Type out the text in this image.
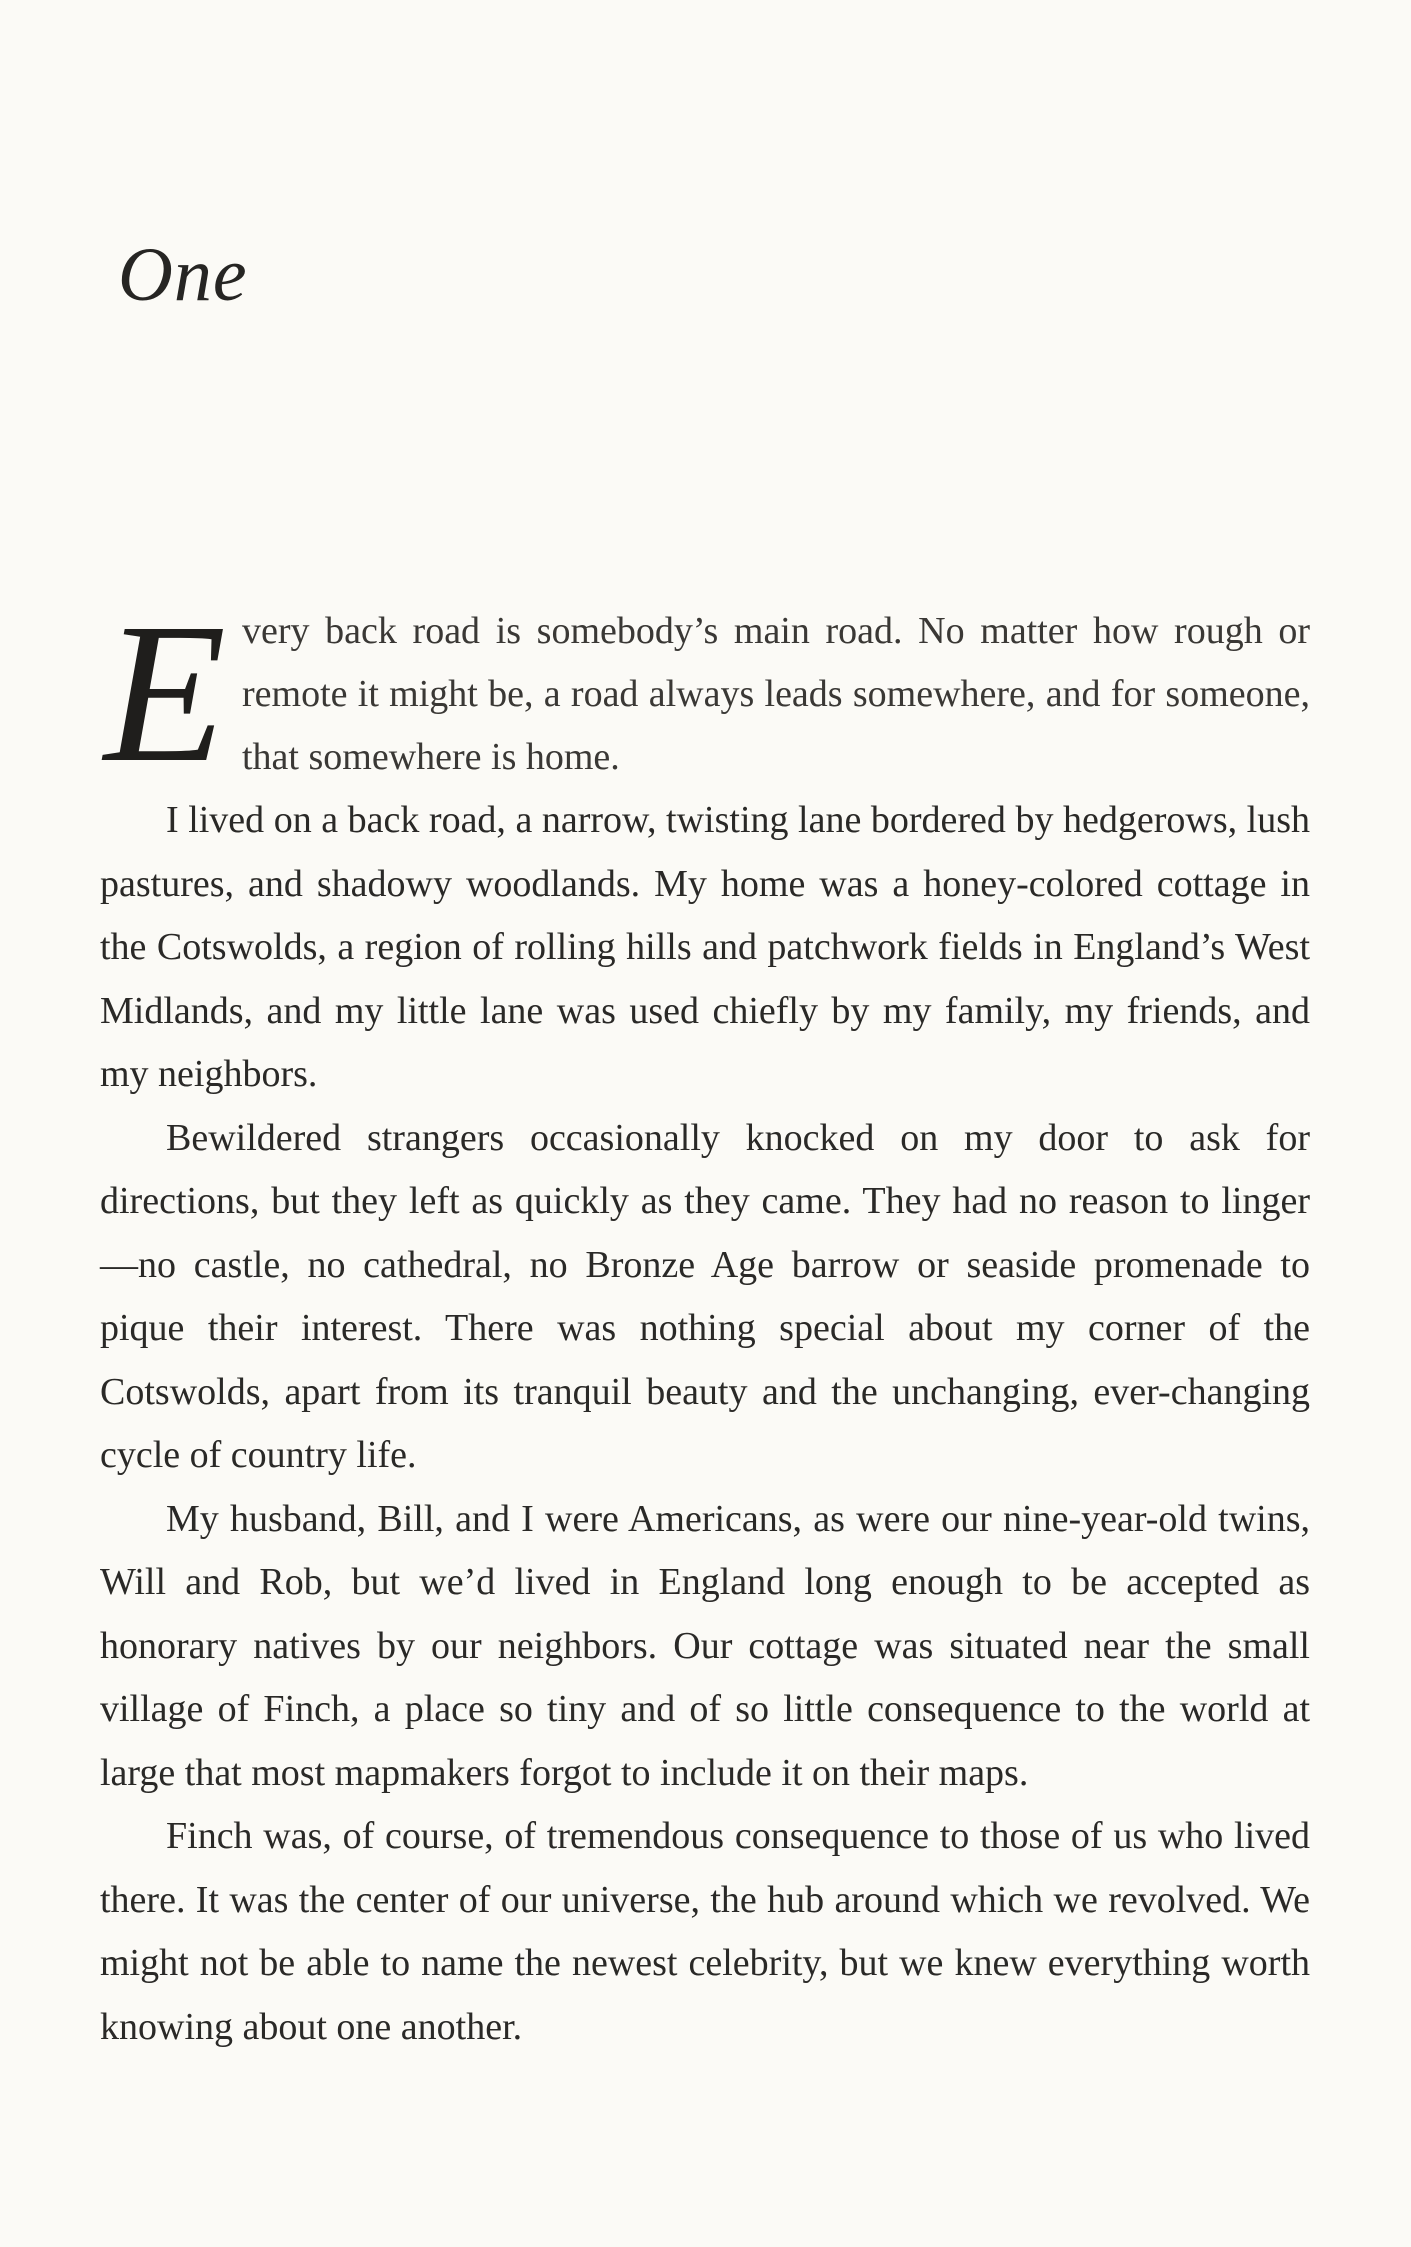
One

E very back road is somebody’s main road. No matter how rough or remote it might be, a road always leads somewhere, and for someone, that somewhere is home.

I lived on a back road, a narrow, twisting lane bordered by hedgerows, lush pastures, and shadowy woodlands. My home was a honey-colored cottage in the Cotswolds, a region of rolling hills and patchwork fields in England’s West Midlands, and my little lane was used chiefly by my family, my friends, and my neighbors.

Bewildered strangers occasionally knocked on my door to ask for directions, but they left as quickly as they came. They had no reason to linger—no castle, no cathedral, no Bronze Age barrow or seaside promenade to pique their interest. There was nothing special about my corner of the Cotswolds, apart from its tranquil beauty and the unchanging, ever-changing cycle of country life.

My husband, Bill, and I were Americans, as were our nine-year-old twins, Will and Rob, but we’d lived in England long enough to be accepted as honorary natives by our neighbors. Our cottage was situated near the small village of Finch, a place so tiny and of so little consequence to the world at large that most mapmakers forgot to include it on their maps.

Finch was, of course, of tremendous consequence to those of us who lived there. It was the center of our universe, the hub around which we revolved. We might not be able to name the newest celebrity, but we knew everything worth knowing about one another.
